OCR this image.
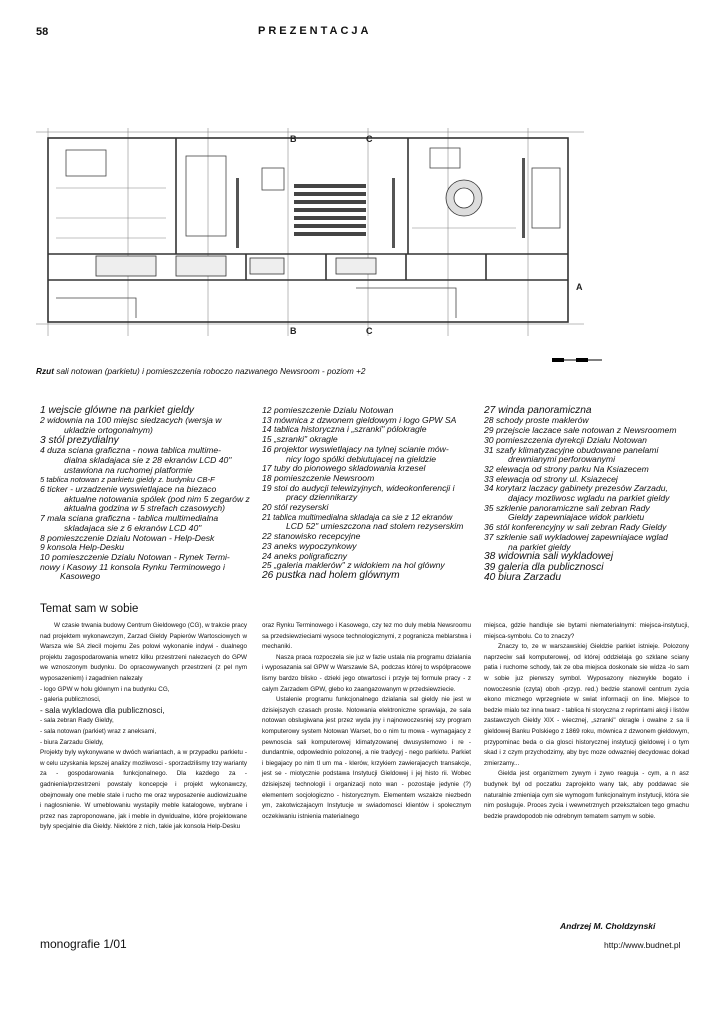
58	PREZENTACJA
B	C
B	C
A
Rzut sali notowan (parkietu) i pomieszczenia roboczo nazwanego Newsroom - poziom +2
1 wejscie glówne na parkiet gieldy
2 widownia na 100 miejsc siedzacych (wersja w
ukladzie ortogonalnym)
3 stól prezydialny
4 duza sciana graficzna - nowa tablica multime-
dialna skladajaca sie z 28 ekranów LCD 40"
ustawiona na ruchomej platformie
5 tablica notowan z parkietu gieldy z. budynku CB-F
6 ticker - urzadzenie wyswietlajace na biezaco
aktualne notowania spólek (pod nim 5 zegarów z
aktualna godzina w 5 strefach czasowych)
7 mala sciana graficzna - tablica multimedialna
skladajaca sie z 6 ekranów LCD 40"
8 pomieszczenie Dzialu Notowan - Help-Desk
9 konsola Help-Desku
10 pomieszczenie Dzialu Notowan - Rynek Termi-
nowy i Kasowy 11 konsola Rynku Terminowego i
Kasowego
12 pomieszczenie Dzialu Notowan
13 mównica z dzwonem gieldowym i logo GPW SA
14 tablica historyczna i „szranki" pólokragle
15 „szranki" okragle
16 projektor wyswietlajacy na tylnej scianie mów-
nicy logo spólki debiutujacej na gieldzie
17 tuby do pionowego skladowania krzesel
18 pomieszczenie Newsroom
19 stoi do audycji telewizyjnych, wideokonferencji i
pracy dziennikarzy
20 stól rezyserski
21 tablica multimedialna skladaja ca sie z 12 ekranów
LCD 52" umieszczona nad stolem rezyserskim
22 stanowisko recepcyjne
23 aneks wypoczynkowy
24 aneks poligraficzny
25 „galeria maklerów" z widokiem na hol glówny
26 pustka nad holem glównym
27 winda panoramiczna
28 schody proste maklerów
29 przejscie laczace sale notowan z Newsroomem
30 pomieszczenia dyrekcji Dzialu Notowan
31 szafy klimatyzacyjne obudowane panelami
drewnianymi perforowanymi
32 elewacja od strony parku Na Ksiazecem
33 elewacja od strony ul. Ksiazecej
34 korytarz laczacy gabinety prezesów Zarzadu,
dajacy mozliwosc wgladu na parkiet gieldy
35 szklenie panoramiczne sali zebran Rady
Gieldy zapewniajace widok parkietu
36 stól konferencyjny w sali zebran Rady Gieldy
37 szklenie sali wykladowej zapewniajace wglad
na parkiet gieldy
38 widownia sali wykladowej
39 galeria dla publicznosci
40 biura Zarzadu
Temat sam w sobie

W czasie trwania budowy Centrum Gieldowego (CG), w trakcie pracy nad projektem wykonawczym, Zarzad Gieldy Papierów Wartosciowych w Warsza wie SA zlecil mojemu Zes polowi wykonanie indywi - dualnego projektu zagospodarowania wnetrz kilku przestrzeni nalezacych do GPW we wznoszonym budynku. Do opracowywanych przestrzeni (z pel nym wyposazeniem) i zagadnien nalezaly

- logo GPW w holu glównym i na budynku CG,

- galeria publicznosci,

- sala wykladowa dla publicznosci,

- sala zebran Rady Gieldy,

- sala notowan (parkiet) wraz z aneksami,

- biura Zarzadu Gieldy,

Projekty byly wykonywane w dwóch wariantach, a w przypadku parkietu - w celu uzyskania lepszej analizy mozliwosci - sporzadzilismy trzy warianty za - gospodarowania funkcjonalnego. Dla kazdego za - gadnienia/przestrzeni powstaly koncepcje i projekt wykonawczy, obejmowaly one meble stale i rucho me oraz wyposazenie audiowizualne i naglosnienie. W umeblowaniu wystapily meble katalogowe, wybrane i przez nas zaproponowane, jak i meble in dywidualne, które projektowane byly specjalnie dla Gieldy. Niektóre z nich, takie jak konsola Help-Desku

oraz Rynku Terminowego i Kasowego, czy tez mo duly mebla Newsroomu sa przedsiewzieciami wysoce technologicznymi, z pogranicza meblarstwa i mechaniki.

Nasza praca rozpoczela sie juz w fazie ustala nia programu dzialania i wyposazania sal GPW w Warszawie SA, podczas której to wspólpracowe lismy bardzo blisko - dzieki jego otwartosci i przyje tej formule pracy - z calym Zarzadem GPW, glebo ko zaangazowanym w przedsiewziecie.

Ustalenie programu funkcjonalnego dzialania sal gieldy nie jest w dzisiejszych czasach proste. Notowania elektroniczne sprawiaja, ze sala notowan obslugiwana jest przez wyda jny i najnowoczesniej szy program komputerowy system Notowan Warset, bo o nim tu mowa - wymagajacy z pewnoscia sali komputerowej klimatyzowanej dwusystemowo i re - dundantnie, odpowiednio polozonej, a nie tradycyj - nego parkietu. Parkiet i biegajacy po nim tl um ma - klerów, krzykiem zawierajacych transakcje, jest se - miotycznie podstawa Instytucji Gieldowej i jej histo rii. Wobec dzisiejszej technologii i organizacji noto wan - pozostaje jedynie (?) elementem socjologiczno - historycznym. Elementem wszakze niezbedn ym, zakotwiczajacym Instytucje w swiadomosci klientów i spolecznym oczekiwaniu istnienia materialnego

miejsca, gdzie handluje sie bytami niematerialnymi: miejsca-instytucji, miejsca-symbolu. Co to znaczy?

Znaczy to, ze w warszawskiej Gieldzie parkiet istnieje. Polozony naprzeciw sali komputerowej, od której oddzielaja go szklane sciany patia i ruchome schody, tak ze oba miejsca doskonale sie widza -lo sam w sobie juz pierwszy symbol. Wyposazony niezwykle bogato i nowoczesnie (czyta) oboh -przyp. red.) bedzie stanowil centrum zycia ekono micznego wprzegniete w swiat informacji on line. Miejsce to bedzie mialo tez inna twarz - tablica hi storyczna z reprintami akcji i listów zastawczych Gieldy XIX - wiecznej, „szranki" okragle i owalne z sa li gieldowej Banku Polskiego z 1869 roku, mównica z dzwonem gieldowym, przypominac beda o cia glosci historycznej instytucji gieldowej i o tym skad i z czym przychodzimy, aby byc moze odwazniej decydowac dokad zmierzamy...

Gielda jest organizmem zywym i zywo reaguja - cym, a n asz budynek byl od poczatku zaprojekto wany tak, aby poddawac sie naturalnie zmieniaja cym sie wymogom funkcjonalnym instytucji, która sie nim posluguje. Proces zycia i wewnetrznych przeksztalcen tego gmachu bedzie prawdopodob nie odrebnym tematem samym w sobie.

Andrzej M. Choldzynski
monografie 1/01	http://www.budnet.pl
